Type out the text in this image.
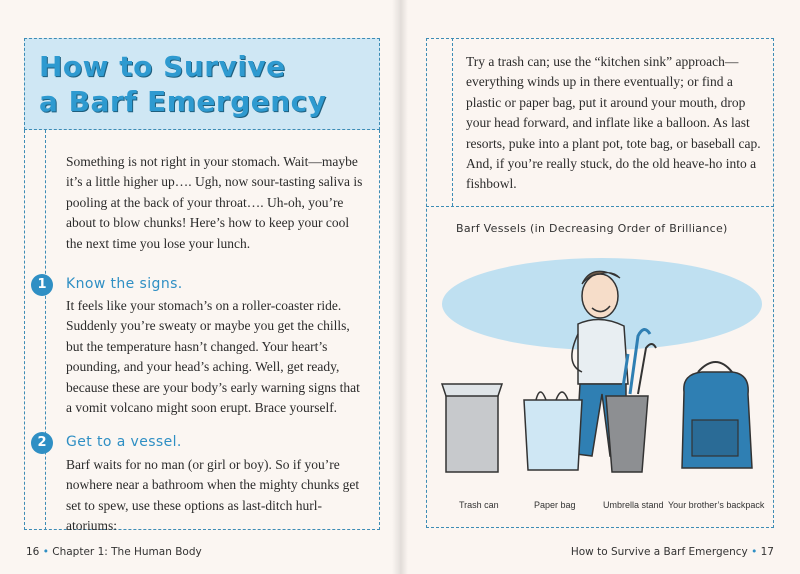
How to Survive
a Barf Emergency
Something is not right in your stomach. Wait—maybe it’s a little higher up…. Ugh, now sour-tasting saliva is pooling at the back of your throat…. Uh-oh, you’re about to blow chunks! Here’s how to keep your cool the next time you lose your lunch.
1	Know the signs.
It feels like your stomach’s on a roller-coaster ride. Suddenly you’re sweaty or maybe you get the chills, but the temperature hasn’t changed. Your heart’s pounding, and your head’s aching. Well, get ready, because these are your body’s early warning signs that a vomit volcano might soon erupt. Brace yourself.
2	Get to a vessel.
Barf waits for no man (or girl or boy). So if you’re nowhere near a bathroom when the mighty chunks get set to spew, use these options as last-ditch hurl-atoriums:
16 • Chapter 1: The Human Body
Try a trash can; use the “kitchen sink” approach—everything winds up in there eventually; or find a plastic or paper bag, put it around your mouth, drop your head forward, and inflate like a balloon. As last resorts, puke into a plant pot, tote bag, or baseball cap. And, if you’re really stuck, do the old heave-ho into a fishbowl.
Barf Vessels (in Decreasing Order of Brilliance)
Trash can	Paper bag	Umbrella stand Your brother’s backpack
How to Survive a Barf Emergency • 17
